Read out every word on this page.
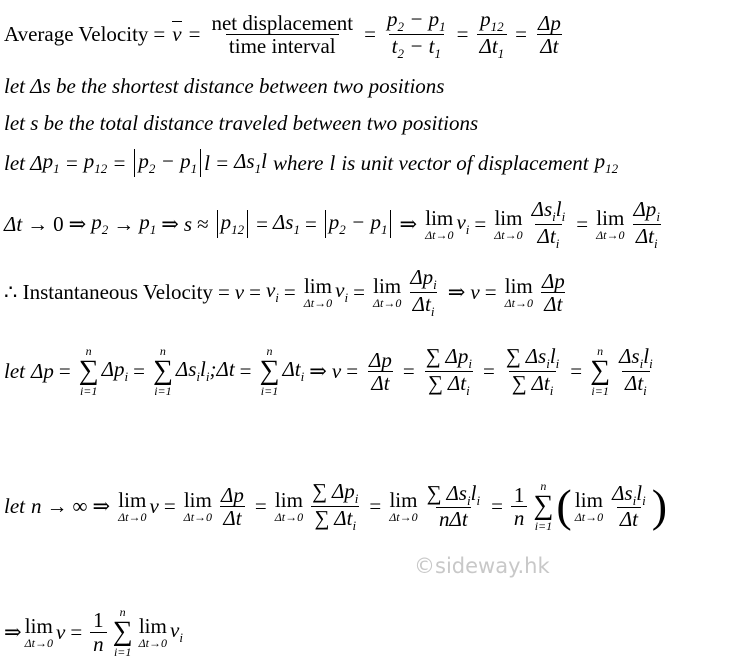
Average Velocity = $v = \frac{\text{net displacement}}{\text{time interval}} = \frac{p_2 - p_1}{t_2 - t_1} = \frac{p_{12}}{\Delta t_1} = \frac{\Delta p}{\Delta t}$
let Δs be the shortest distance between two positions
let s be the total distance traveled between two positions
let Δ $p_1 = p_{12} = p_2 - p_1$ $l = \Delta s_1l$ where l is unit vector of displacement $p_{12}$
Δt → 0 ⇒ $p_2 \to p_1$ ⇒ $s \approx p_{12} = \Delta s_1 = p_2 - p_1$ ⇒ lim
Δt→0
$v_i = \lim$
$\Delta t\to 0 \frac{\Delta s_il_i}{\Delta t_i} = \lim$
$\Delta t\to 0 \frac{\Delta p_i}{\Delta t_i}$
∴ Instantaneous Velocity = $v = v_i = \lim$
Δt→0
$v_i = \lim$
$\Delta t\to 0 \frac{\Delta p_i}{\Delta t_i}$ ⇒ v = lim
$\Delta t\to 0 \frac{\Delta p}{\Delta t}$
let Δp =
n
∑
i=1
$\Delta p_i$ =
n
∑
i=1
$\Delta s_il_i;\Delta t$ =
n
∑
i=1
$\Delta t_i$ ⇒ $v = \frac{\Delta p}{\Delta t} = \frac{\sum \Delta p_i}{\sum \Delta t_i} = \frac{\sum \Delta s_il_i}{\sum \Delta t_i}$ =
n
∑
$i=1 \frac{\Delta s_il_i}{\Delta t_i}$
let n → ∞ ⇒ lim
Δt→0 v = lim
$\Delta t\to 0 \frac{\Delta p}{\Delta t} = \lim$
$\Delta t\to 0 \frac{\sum \Delta p_i}{\sum \Delta t_i} = \lim$
$\Delta t\to 0 \frac{\sum \Delta s_il_i}{\text{nΔt}} = \frac{1}{n}$ n
∑
i=1 ( lim
$\Delta t\to 0 \frac{\Delta s_il_i}{\Delta t}$ )
⇒ lim
Δt→0 $v = \frac{1}{n}$ n
∑
i=1
lim
Δt→0
$v_i$
©sideway.hk
